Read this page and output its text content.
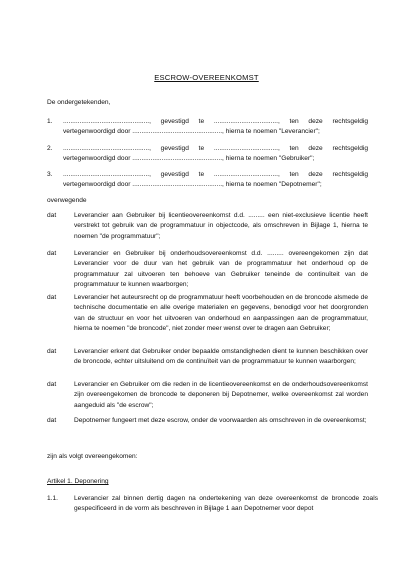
ESCROW-OVEREENKOMST
De ondergetekenden,
1. ..............................................., gevestigd te ..................................., ten deze rechtsgeldig vertegenwoordigd door ................................................., hierna te noemen "Leverancier";
2. ..............................................., gevestigd te ..................................., ten deze rechtsgeldig vertegenwoordigd door ................................................., hierna te noemen "Gebruiker";
3. ..............................................., gevestigd te ..................................., ten deze rechtsgeldig vertegenwoordigd door ................................................., hierna te noemen "Depotnemer";
overwegende
dat	Leverancier aan Gebruiker bij licentieovereenkomst d.d. ......... een niet-exclusieve licentie heeft verstrekt tot gebruik van de programmatuur in objectcode, als omschreven in Bijlage 1, hierna te noemen "de programmatuur";
dat	Leverancier en Gebruiker bij onderhoudsovereenkomst d.d. ......... overeengekomen zijn dat Leverancier voor de duur van het gebruik van de programmatuur het onderhoud op de programmatuur zal uitvoeren ten behoeve van Gebruiker teneinde de continuïteit van de programmatuur te kunnen waarborgen;
dat	Leverancier het auteursrecht op de programmatuur heeft voorbehouden en de broncode alsmede de technische documentatie en alle overige materialen en gegevens, benodigd voor het doorgronden van de structuur en voor het uitvoeren van onderhoud en aanpassingen aan de programmatuur, hierna te noemen "de broncode", niet zonder meer wenst over te dragen aan Gebruiker;
dat	Leverancier erkent dat Gebruiker onder bepaalde omstandigheden dient te kunnen beschikken over de broncode, echter uitsluitend om de continuïteit van de programmatuur te kunnen waarborgen;
dat	Leverancier en Gebruiker om die reden in de licentieovereenkomst en de onderhoudsovereenkomst zijn overeengekomen de broncode te deponeren bij Depotnemer, welke overeenkomst zal worden aangeduid als "de escrow";
dat	Depotnemer fungeert met deze escrow, onder de voorwaarden als omschreven in de overeenkomst;
zijn als volgt overeengekomen:
Artikel 1. Deponering
1.1. Leverancier zal binnen dertig dagen na ondertekening van deze overeenkomst de broncode zoals gespecificeerd in de vorm als beschreven in Bijlage 1 aan Depotnemer voor depot
